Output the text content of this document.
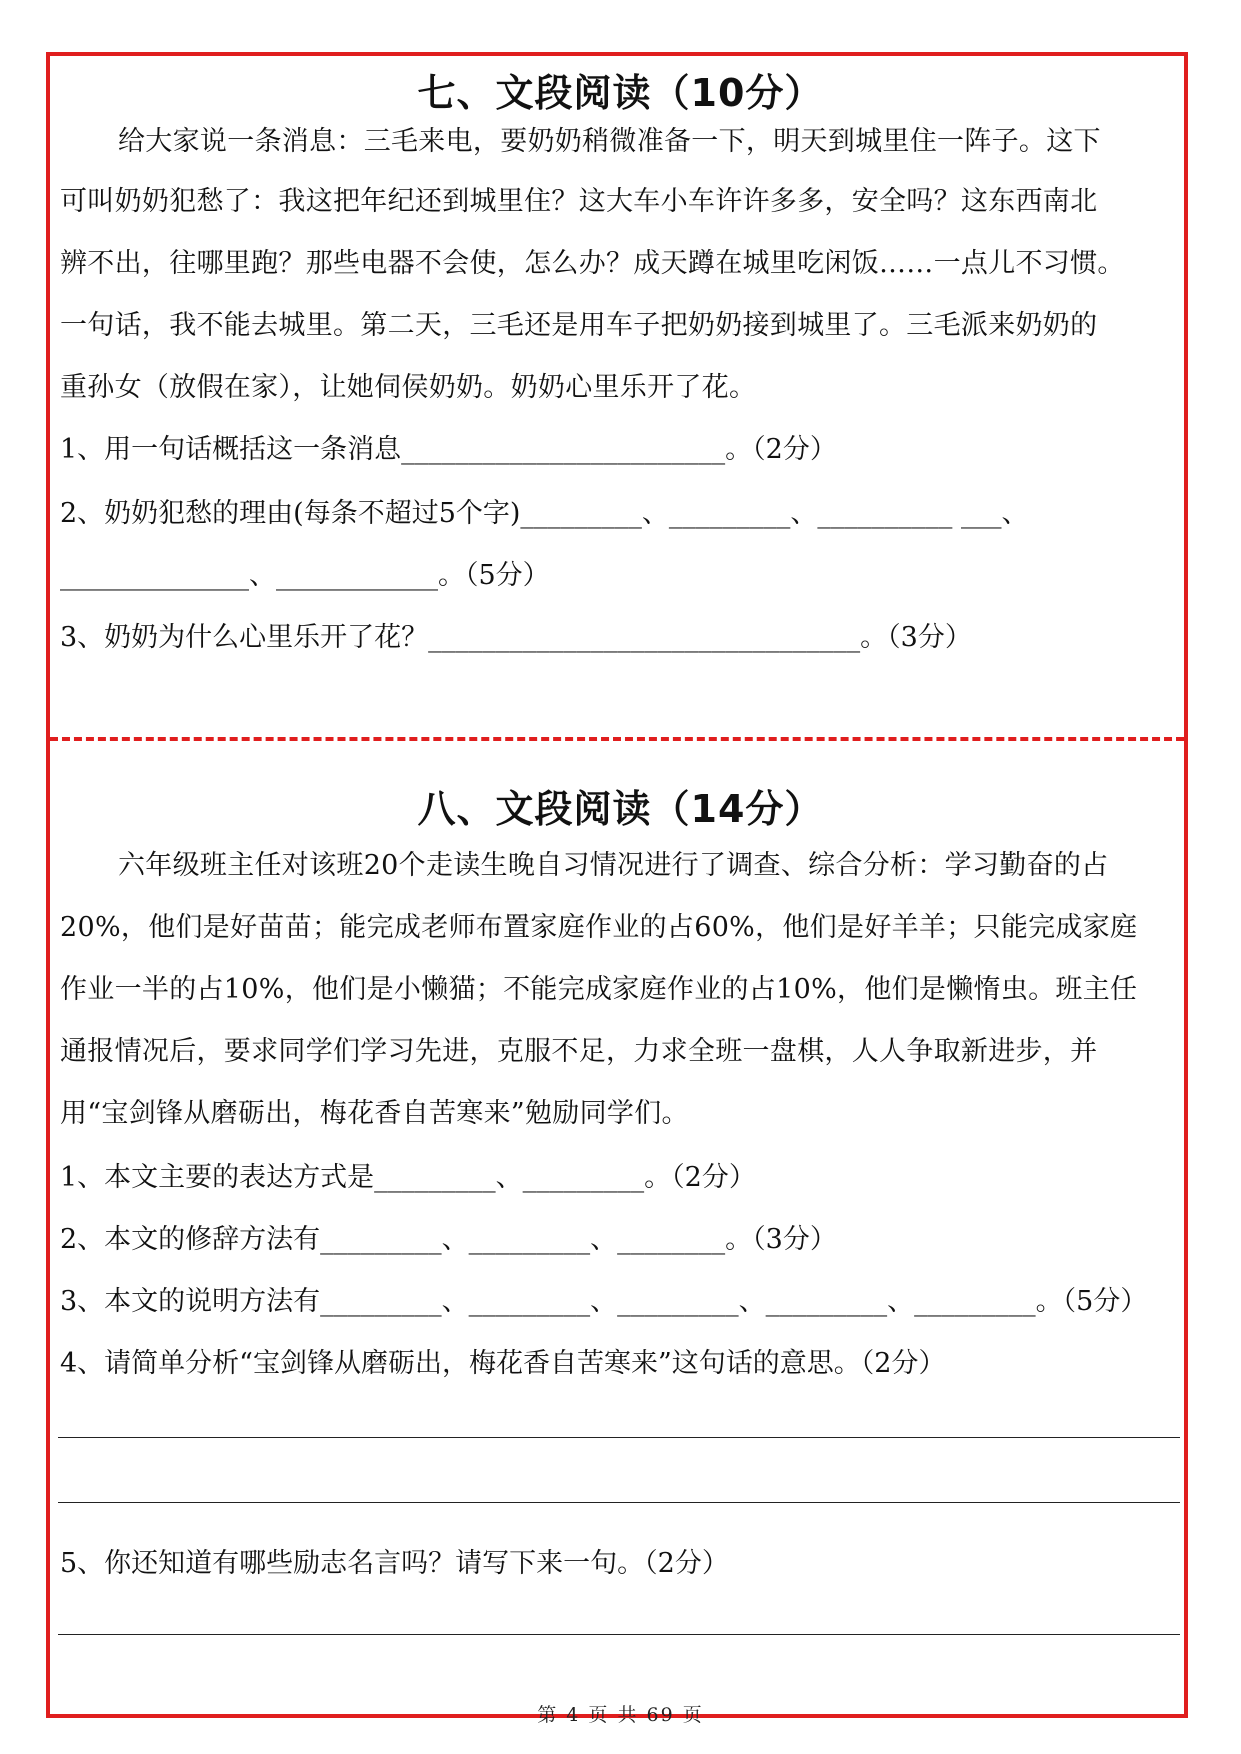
七、文段阅读（10分）
给大家说一条消息：三毛来电，要奶奶稍微准备一下，明天到城里住一阵子。这下
可叫奶奶犯愁了：我这把年纪还到城里住？这大车小车许许多多，安全吗？这东西南北
辨不出，往哪里跑？那些电器不会使，怎么办？成天蹲在城里吃闲饭……一点儿不习惯。
一句话，我不能去城里。第二天，三毛还是用车子把奶奶接到城里了。三毛派来奶奶的
重孙女（放假在家），让她伺侯奶奶。奶奶心里乐开了花。
1、用一句话概括这一条消息________________________。（2分）
2、奶奶犯愁的理由(每条不超过5个字)_________、_________、__________ ___、
______________、____________。（5分）
3、奶奶为什么心里乐开了花？________________________________。（3分）
八、文段阅读（14分）
六年级班主任对该班20个走读生晚自习情况进行了调查、综合分析：学习勤奋的占
20%，他们是好苗苗；能完成老师布置家庭作业的占60%，他们是好羊羊；只能完成家庭
作业一半的占10%，他们是小懒猫；不能完成家庭作业的占10%，他们是懒惰虫。班主任
通报情况后，要求同学们学习先进，克服不足，力求全班一盘棋，人人争取新进步，并
用“宝剑锋从磨砺出，梅花香自苦寒来”勉励同学们。
1、本文主要的表达方式是_________、_________。（2分）
2、本文的修辞方法有_________、_________、________。（3分）
3、本文的说明方法有_________、_________、_________、_________、_________。（5分）
4、请简单分析“宝剑锋从磨砺出，梅花香自苦寒来”这句话的意思。（2分）
5、你还知道有哪些励志名言吗？请写下来一句。（2分）
第 4 页 共 69 页
